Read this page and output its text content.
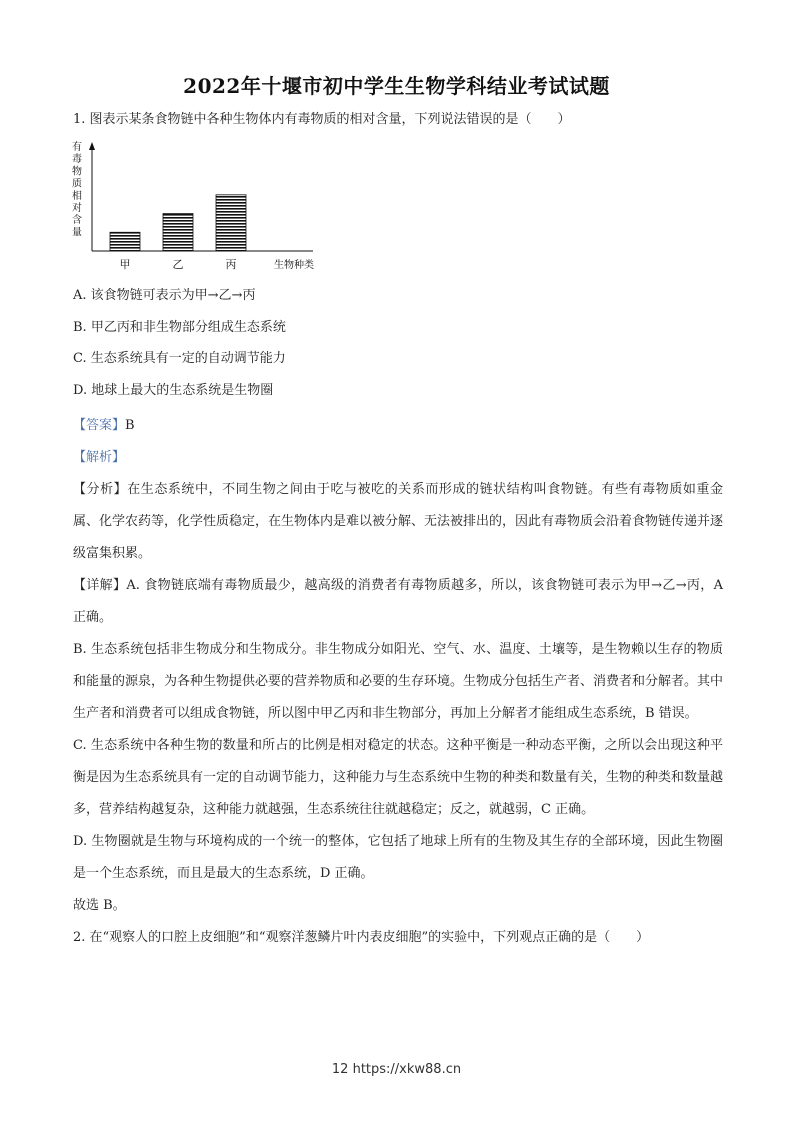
2022年十堰市初中学生生物学科结业考试试题
1. 图表示某条食物链中各种生物体内有毒物质的相对含量，下列说法错误的是（　　）
有毒物质相对含量
甲	乙	丙	生物种类
A. 该食物链可表示为甲→乙→丙
B. 甲乙丙和非生物部分组成生态系统
C. 生态系统具有一定的自动调节能力
D. 地球上最大的生态系统是生物圈

【答案】B

【解析】

【分析】在生态系统中，不同生物之间由于吃与被吃的关系而形成的链状结构叫食物链。有些有毒物质如重金属、化学农药等，化学性质稳定，在生物体内是难以被分解、无法被排出的，因此有毒物质会沿着食物链传递并逐级富集积累。

【详解】A. 食物链底端有毒物质最少，越高级的消费者有毒物质越多，所以，该食物链可表示为甲→乙→丙，A 正确。

B. 生态系统包括非生物成分和生物成分。非生物成分如阳光、空气、水、温度、土壤等，是生物赖以生存的物质和能量的源泉，为各种生物提供必要的营养物质和必要的生存环境。生物成分包括生产者、消费者和分解者。其中生产者和消费者可以组成食物链，所以图中甲乙丙和非生物部分，再加上分解者才能组成生态系统，B 错误。

C. 生态系统中各种生物的数量和所占的比例是相对稳定的状态。这种平衡是一种动态平衡，之所以会出现这种平衡是因为生态系统具有一定的自动调节能力，这种能力与生态系统中生物的种类和数量有关，生物的种类和数量越多，营养结构越复杂，这种能力就越强，生态系统往往就越稳定；反之，就越弱，C 正确。

D. 生物圈就是生物与环境构成的一个统一的整体，它包括了地球上所有的生物及其生存的全部环境，因此生物圈是一个生态系统，而且是最大的生态系统，D 正确。

故选 B。

2. 在“观察人的口腔上皮细胞”和“观察洋葱鳞片叶内表皮细胞”的实验中，下列观点正确的是（　　）

12 https://xkw88.cn
